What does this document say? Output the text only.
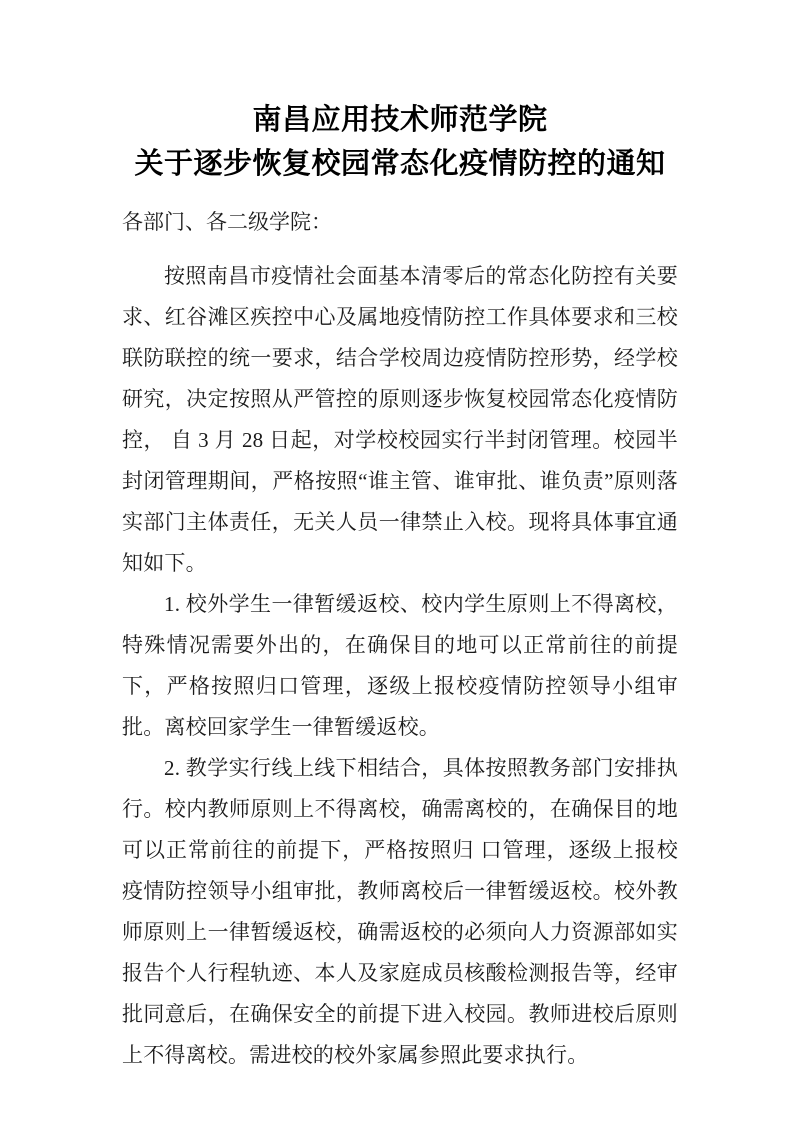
南昌应用技术师范学院
关于逐步恢复校园常态化疫情防控的通知

各部门、各二级学院：

按照南昌市疫情社会面基本清零后的常态化防控有关要求、红谷滩区疾控中心及属地疫情防控工作具体要求和三校联防联控的统一要求，结合学校周边疫情防控形势，经学校研究，决定按照从严管控的原则逐步恢复校园常态化疫情防控， 自 3 月 28 日起，对学校校园实行半封闭管理。校园半封闭管理期间，严格按照“谁主管、谁审批、谁负责”原则落实部门主体责任，无关人员一律禁止入校。现将具体事宜通知如下。

1. 校外学生一律暂缓返校、校内学生原则上不得离校，特殊情况需要外出的，在确保目的地可以正常前往的前提下，严格按照归口管理，逐级上报校疫情防控领导小组审批。离校回家学生一律暂缓返校。

2. 教学实行线上线下相结合，具体按照教务部门安排执行。校内教师原则上不得离校，确需离校的，在确保目的地可以正常前往的前提下，严格按照归 口管理，逐级上报校疫情防控领导小组审批，教师离校后一律暂缓返校。校外教师原则上一律暂缓返校，确需返校的必须向人力资源部如实报告个人行程轨迹、本人及家庭成员核酸检测报告等，经审批同意后，在确保安全的前提下进入校园。教师进校后原则上不得离校。需进校的校外家属参照此要求执行。
